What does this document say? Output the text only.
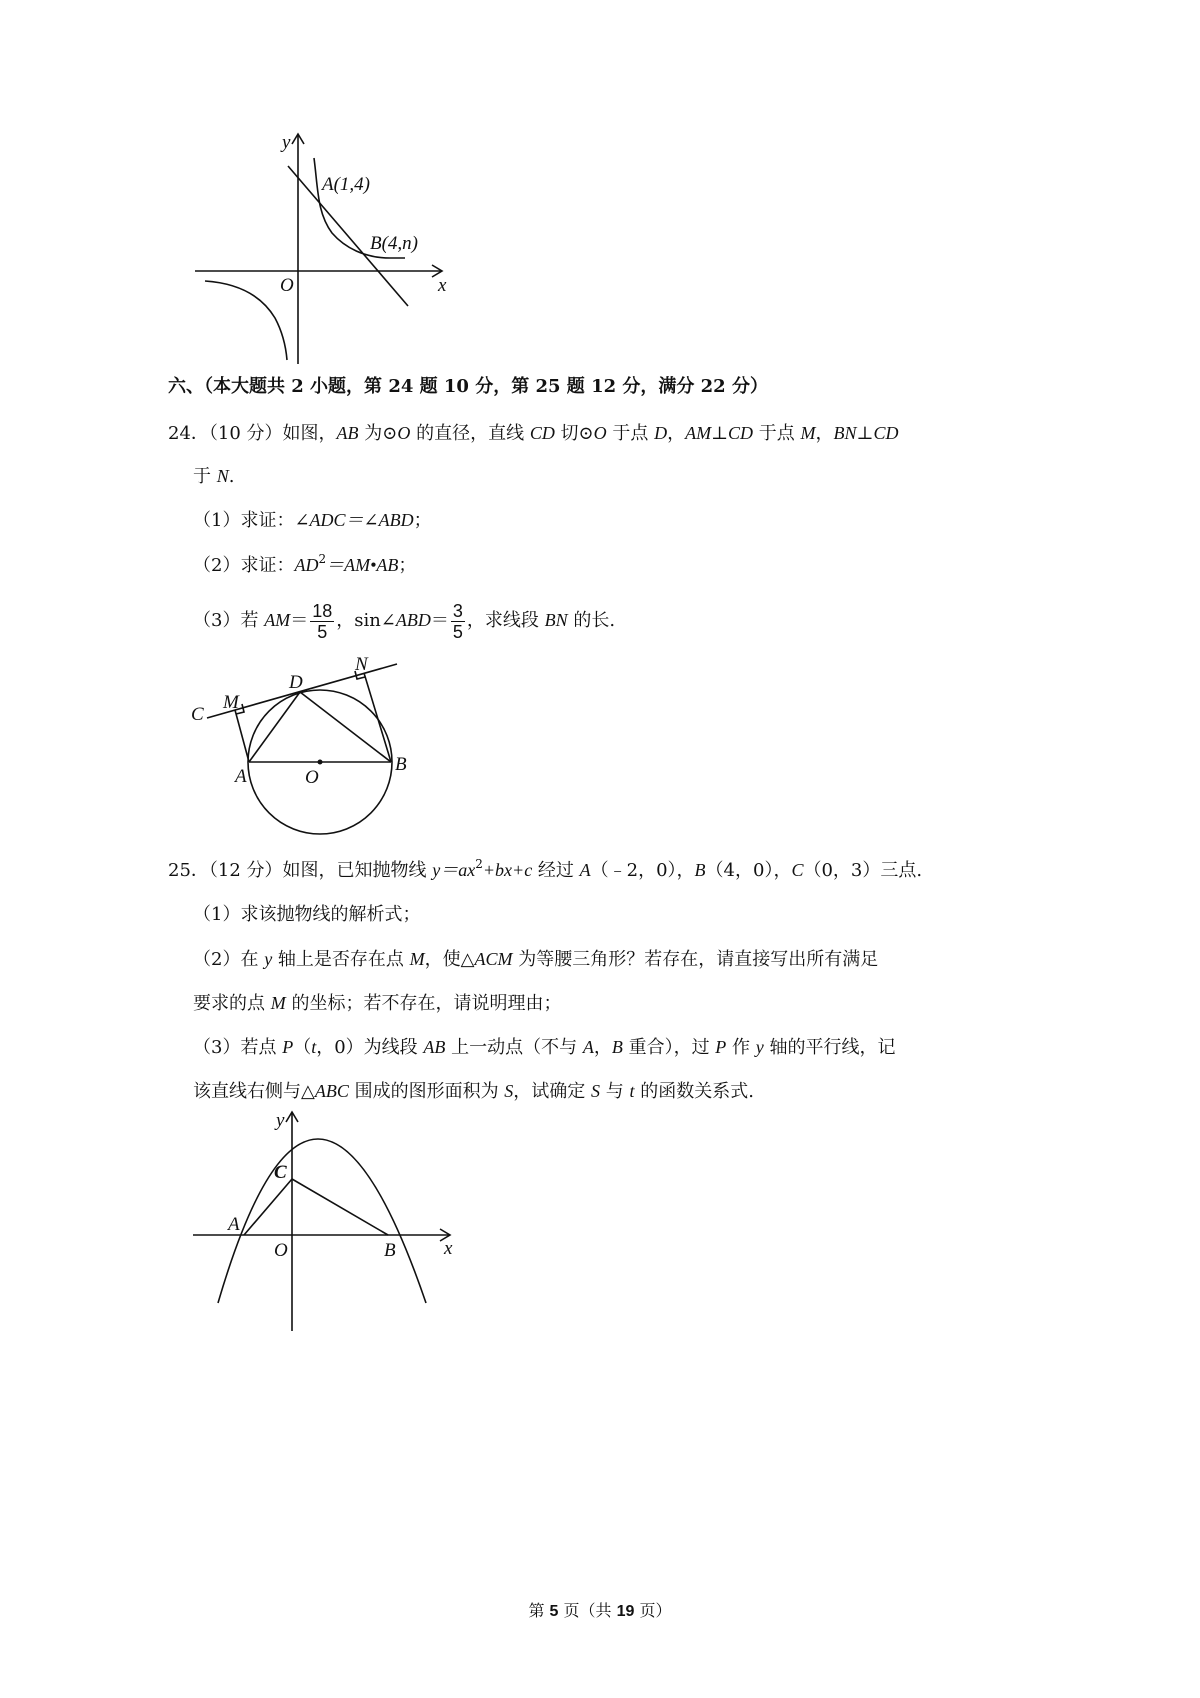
y
x
O
A(1,4)
B(4,n)
六、（本大题共 2 小题，第 24 题 10 分，第 25 题 12 分，满分 22 分）
24．（10 分）如图，AB 为⊙O 的直径，直线 CD 切⊙O 于点 D，AM⊥CD 于点 M，BN⊥CD
于 N.
（1）求证：∠ADC＝∠ABD；
（2）求证：$AD^2=AM•AB$；
（3）若 $AM= \frac{18}{5}$ ，sin∠ABD＝ $\frac{3}{5}$ ，求线段 BN 的长.
C
M
D
N
A	O
B
25．（12 分）如图，已知抛物线 $y=ax^2+bx+c$ 经过 A（﹣2，0），B（4，0），C（0，3）三点.
（1）求该抛物线的解析式；
（2）在 y 轴上是否存在点 M，使△ACM 为等腰三角形？若存在，请直接写出所有满足
要求的点 M 的坐标；若不存在，请说明理由；
（3）若点 P（t，0）为线段 AB 上一动点（不与 A，B 重合），过 P 作 y 轴的平行线，记
该直线右侧与△ABC 围成的图形面积为 S，试确定 S 与 t 的函数关系式.
y
x
C
A
O	B
第 5 页（共 19 页）
